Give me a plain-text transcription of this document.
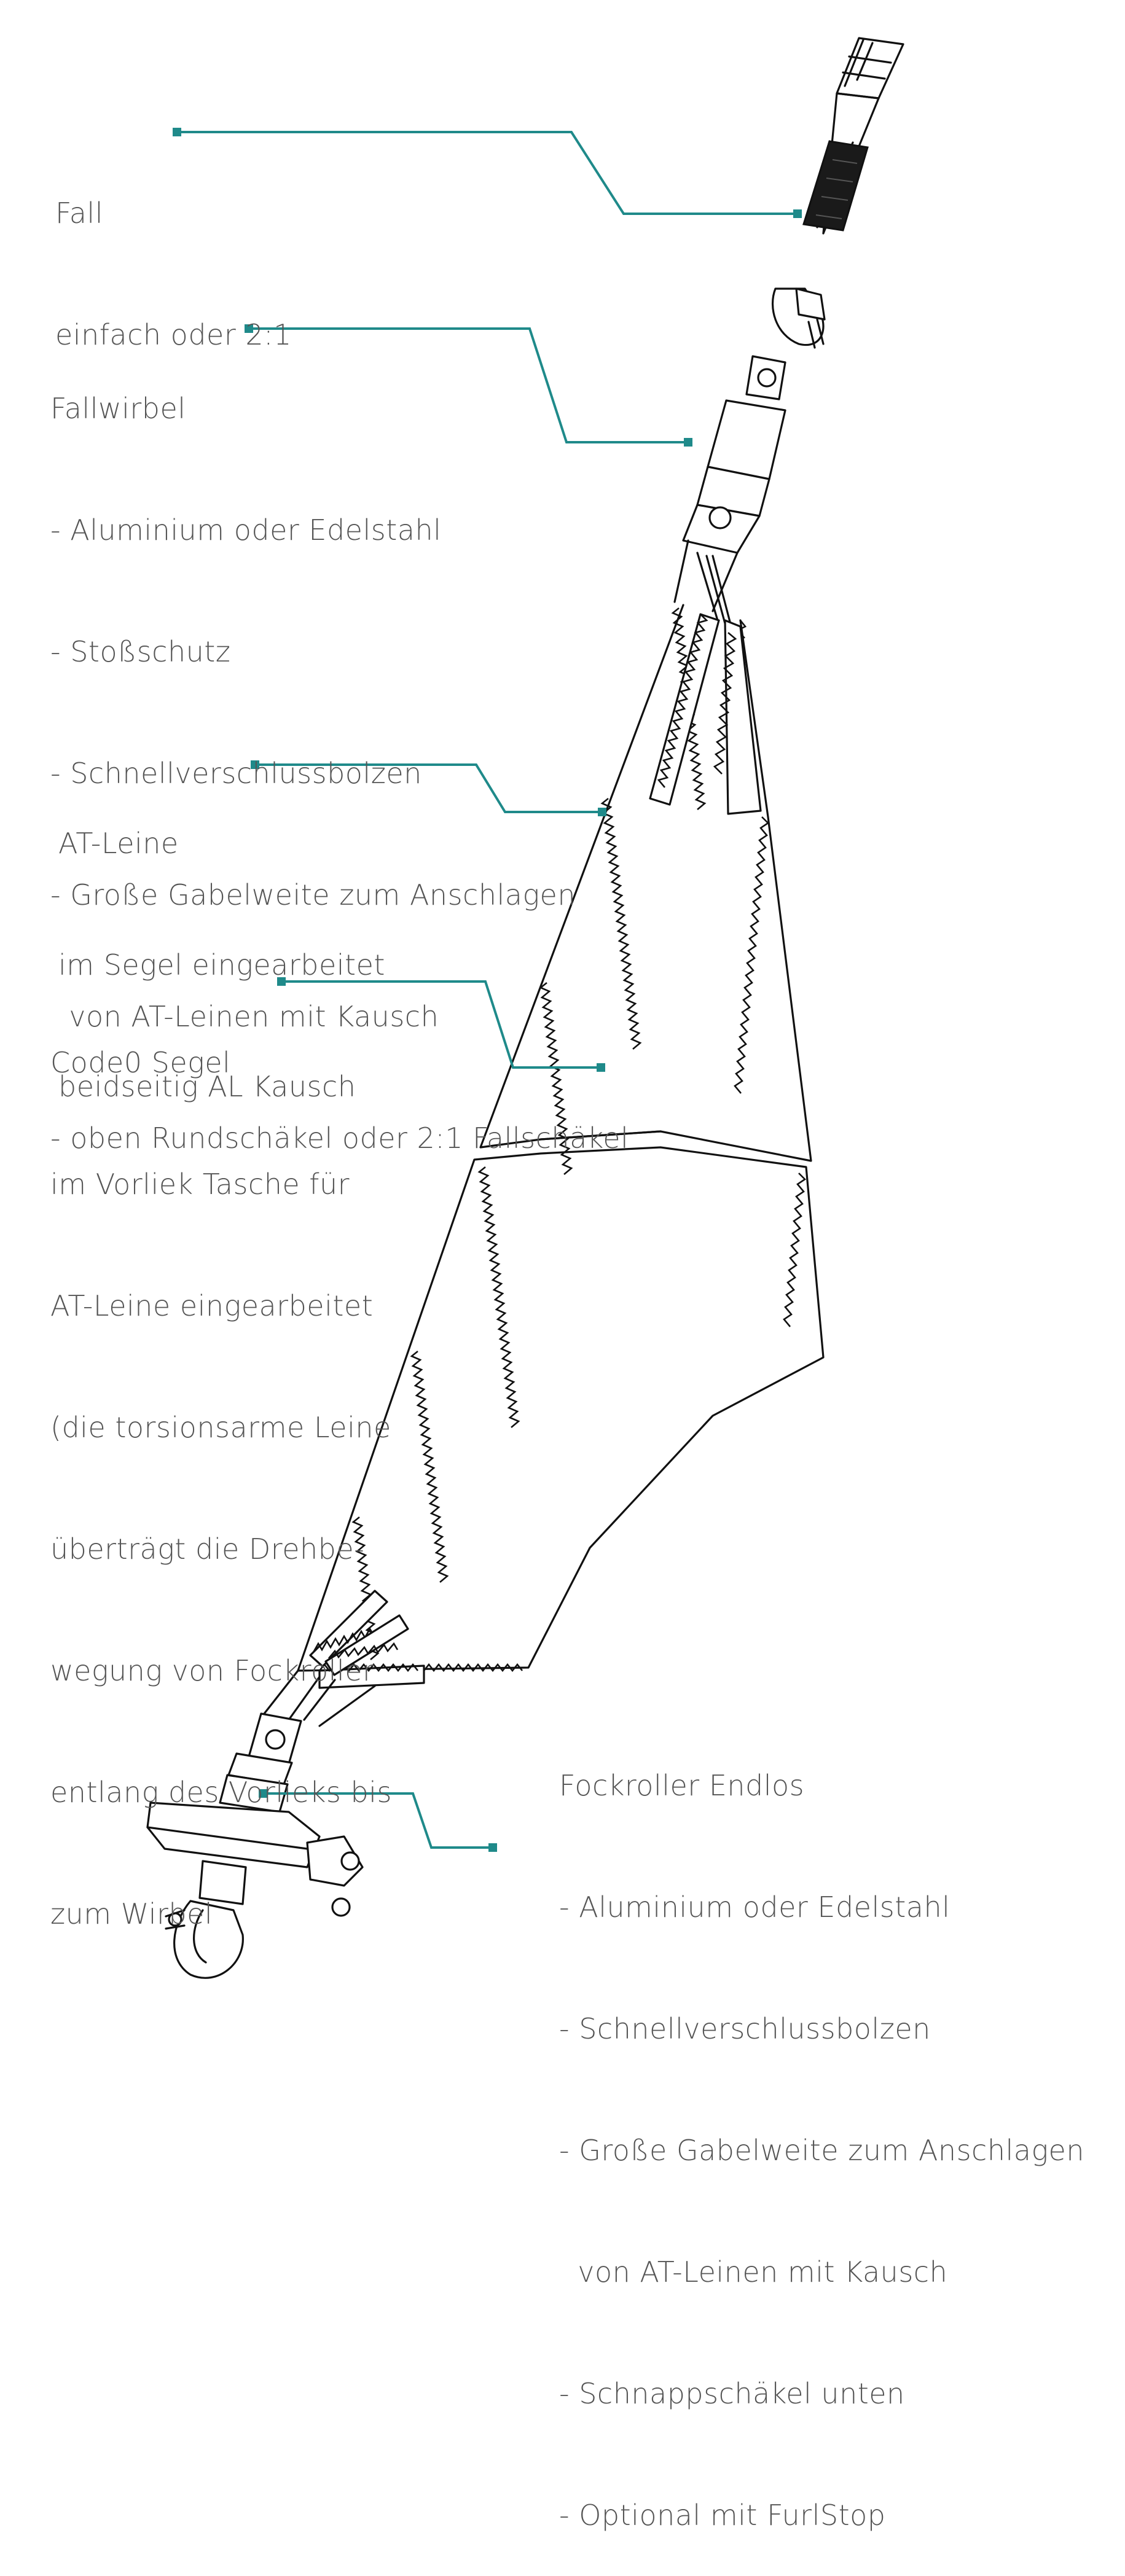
Fall

einfach oder 2:1

Fallwirbel

- Aluminium oder Edelstahl

- Stoßschutz

- Schnellverschlussbolzen

- Große Gabelweite zum Anschlagen

von AT-Leinen mit Kausch

- oben Rundschäkel oder 2:1 Fallschäkel

AT-Leine

im Segel eingearbeitet

beidseitig AL Kausch

Code0 Segel

im Vorliek Tasche für

AT-Leine eingearbeitet

(die torsionsarme Leine

überträgt die Drehbe-

wegung von Fockroller

entlang des Vorlieks bis

zum Wirbel

Fockroller Endlos

- Aluminium oder Edelstahl

- Schnellverschlussbolzen

- Große Gabelweite zum Anschlagen

von AT-Leinen mit Kausch

- Schnappschäkel unten

- Optional mit FurlStop
